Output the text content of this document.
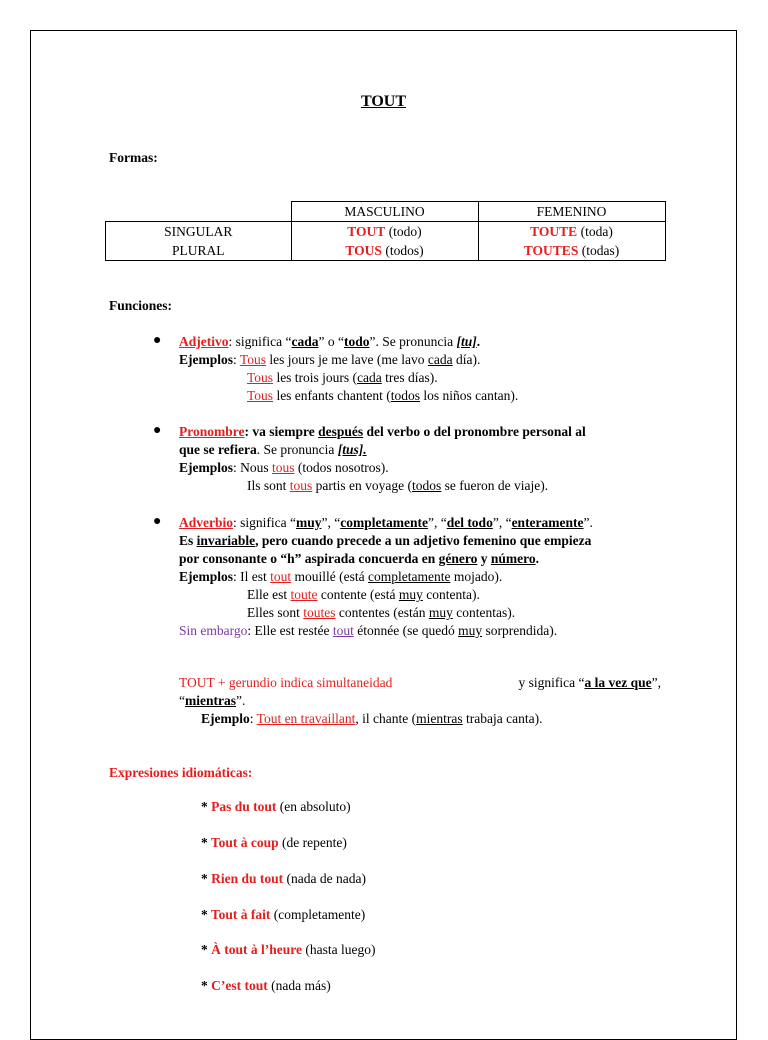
TOUT
Formas:
	MASCULINO	FEMENINO
SINGULAR	TOUT (todo)	TOUTE (toda)
PLURAL	TOUS (todos)	TOUTES (todas)
Funciones:
● Adjetivo: significa “cada” o “todo”. Se pronuncia [tu].
Ejemplos: Tous les jours je me lave (me lavo cada día).
Tous les trois jours (cada tres días).
Tous les enfants chantent (todos los niños cantan).
● Pronombre: va siempre después del verbo o del pronombre personal al
que se refiera. Se pronuncia [tus].
Ejemplos: Nous tous (todos nosotros).
Ils sont tous partis en voyage (todos se fueron de viaje).
● Adverbio: significa “muy”, “completamente”, “del todo”, “enteramente”.
Es invariable, pero cuando precede a un adjetivo femenino que empieza
por consonante o “h” aspirada concuerda en género y número.
Ejemplos: Il est tout mouillé (está completamente mojado).
Elle est toute contente (está muy contenta).
Elles sont toutes contentes (están muy contentas).
Sin embargo: Elle est restée tout étonnée (se quedó muy sorprendida).
TOUT + gerundio indica simultaneidad	y significa “a la vez que”,
“mientras”.
Ejemplo: Tout en travaillant, il chante (mientras trabaja canta).
Expresiones idiomáticas:
* Pas du tout (en absoluto)
* Tout à coup (de repente)
* Rien du tout (nada de nada)
* Tout à fait (completamente)
* À tout à l’heure (hasta luego)
* C’est tout (nada más)
